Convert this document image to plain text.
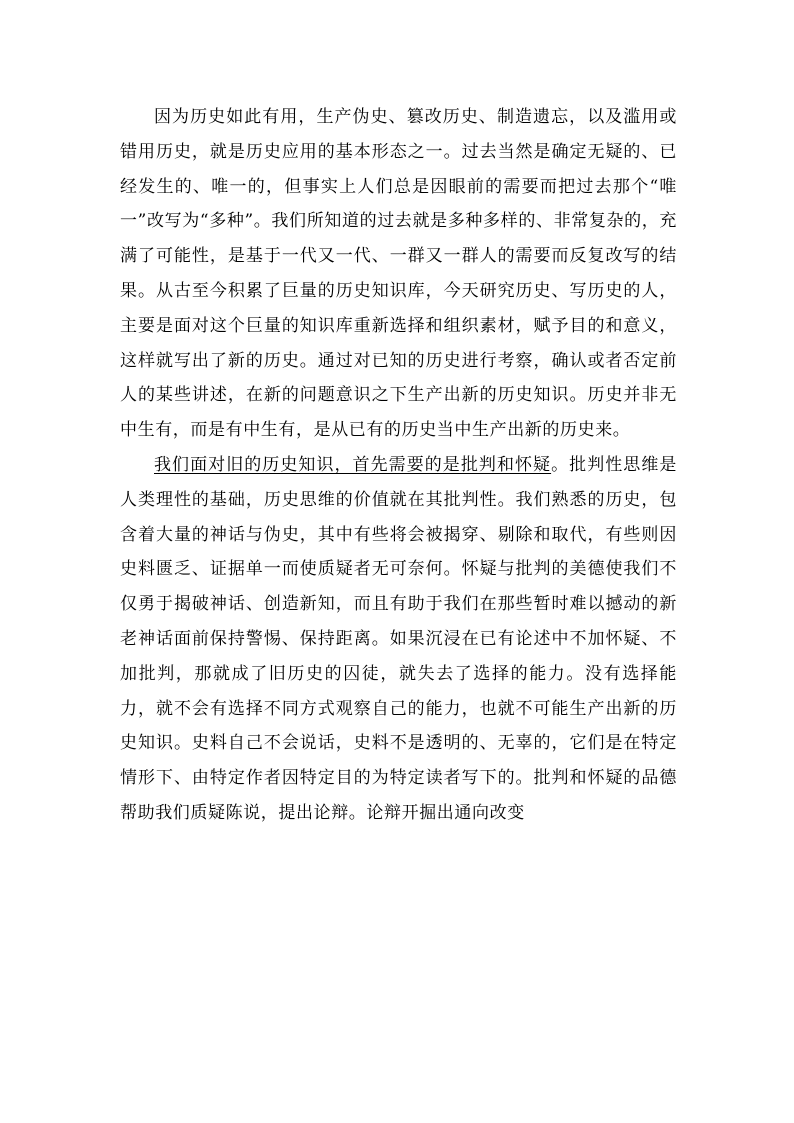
因为历史如此有用，生产伪史、篡改历史、制造遗忘，以及滥用或错用历史，就是历史应用的基本形态之一。过去当然是确定无疑的、已经发生的、唯一的，但事实上人们总是因眼前的需要而把过去那个“唯一”改写为“多种”。我们所知道的过去就是多种多样的、非常复杂的，充满了可能性，是基于一代又一代、一群又一群人的需要而反复改写的结果。从古至今积累了巨量的历史知识库，今天研究历史、写历史的人，主要是面对这个巨量的知识库重新选择和组织素材，赋予目的和意义，这样就写出了新的历史。通过对已知的历史进行考察，确认或者否定前人的某些讲述，在新的问题意识之下生产出新的历史知识。历史并非无中生有，而是有中生有，是从已有的历史当中生产出新的历史来。

我们面对旧的历史知识，首先需要的是批判和怀疑。批判性思维是人类理性的基础，历史思维的价值就在其批判性。我们熟悉的历史，包含着大量的神话与伪史，其中有些将会被揭穿、剔除和取代，有些则因史料匮乏、证据单一而使质疑者无可奈何。怀疑与批判的美德使我们不仅勇于揭破神话、创造新知，而且有助于我们在那些暂时难以撼动的新老神话面前保持警惕、保持距离。如果沉浸在已有论述中不加怀疑、不加批判，那就成了旧历史的囚徒，就失去了选择的能力。没有选择能力，就不会有选择不同方式观察自己的能力，也就不可能生产出新的历史知识。史料自己不会说话，史料不是透明的、无辜的，它们是在特定情形下、由特定作者因特定目的为特定读者写下的。批判和怀疑的品德帮助我们质疑陈说，提出论辩。论辩开掘出通向改变
